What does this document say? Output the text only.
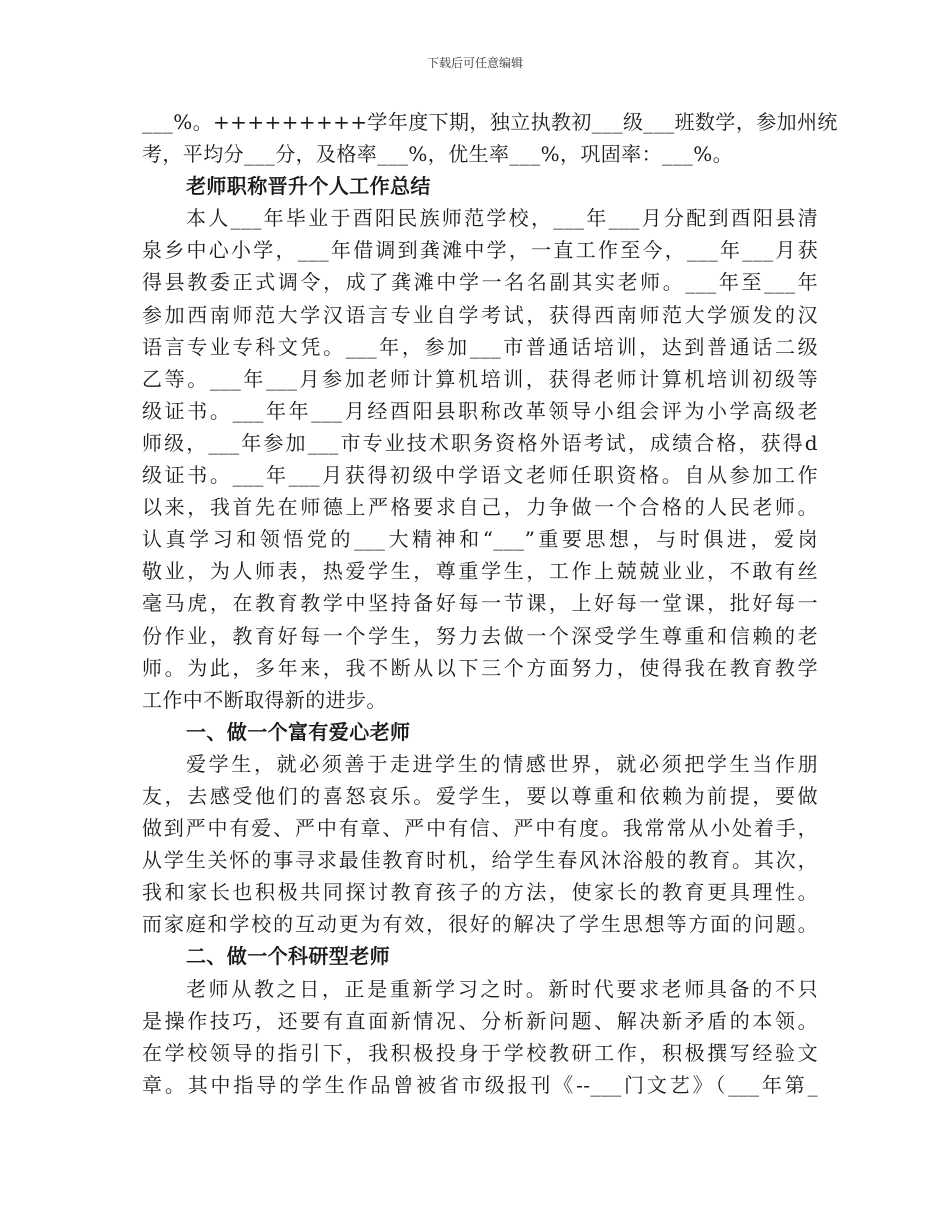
下载后可任意编辑
___%。+++++++++学年度下期，独立执教初___级___班数学，参加州统
考，平均分___分，及格率___%，优生率___%，巩固率：___%。
老师职称晋升个人工作总结
本人___年毕业于酉阳民族师范学校，___年___月分配到酉阳县清
泉乡中心小学，___年借调到龚滩中学，一直工作至今，___年___月获
得县教委正式调令，成了龚滩中学一名名副其实老师。___年至___年
参加西南师范大学汉语言专业自学考试，获得西南师范大学颁发的汉
语言专业专科文凭。___年，参加___市普通话培训，达到普通话二级
乙等。___年___月参加老师计算机培训，获得老师计算机培训初级等
级证书。___年年___月经酉阳县职称改革领导小组会评为小学高级老
师级，___年参加___市专业技术职务资格外语考试，成绩合格，获得d
级证书。___年___月获得初级中学语文老师任职资格。自从参加工作
以来，我首先在师德上严格要求自己，力争做一个合格的人民老师。
认真学习和领悟党的___大精神和“___”重要思想，与时俱进，爱岗
敬业，为人师表，热爱学生，尊重学生，工作上兢兢业业，不敢有丝
毫马虎，在教育教学中坚持备好每一节课，上好每一堂课，批好每一
份作业，教育好每一个学生，努力去做一个深受学生尊重和信赖的老
师。为此，多年来，我不断从以下三个方面努力，使得我在教育教学
工作中不断取得新的进步。
一、做一个富有爱心老师
爱学生，就必须善于走进学生的情感世界，就必须把学生当作朋
友，去感受他们的喜怒哀乐。爱学生，要以尊重和依赖为前提，要做
做到严中有爱、严中有章、严中有信、严中有度。我常常从小处着手，
从学生关怀的事寻求最佳教育时机，给学生春风沐浴般的教育。其次，
我和家长也积极共同探讨教育孩子的方法，使家长的教育更具理性。
而家庭和学校的互动更为有效，很好的解决了学生思想等方面的问题。
二、做一个科研型老师
老师从教之日，正是重新学习之时。新时代要求老师具备的不只
是操作技巧，还要有直面新情况、分析新问题、解决新矛盾的本领。
在学校领导的指引下，我积极投身于学校教研工作，积极撰写经验文
章。其中指导的学生作品曾被省市级报刊《--___门文艺》（___年第_
